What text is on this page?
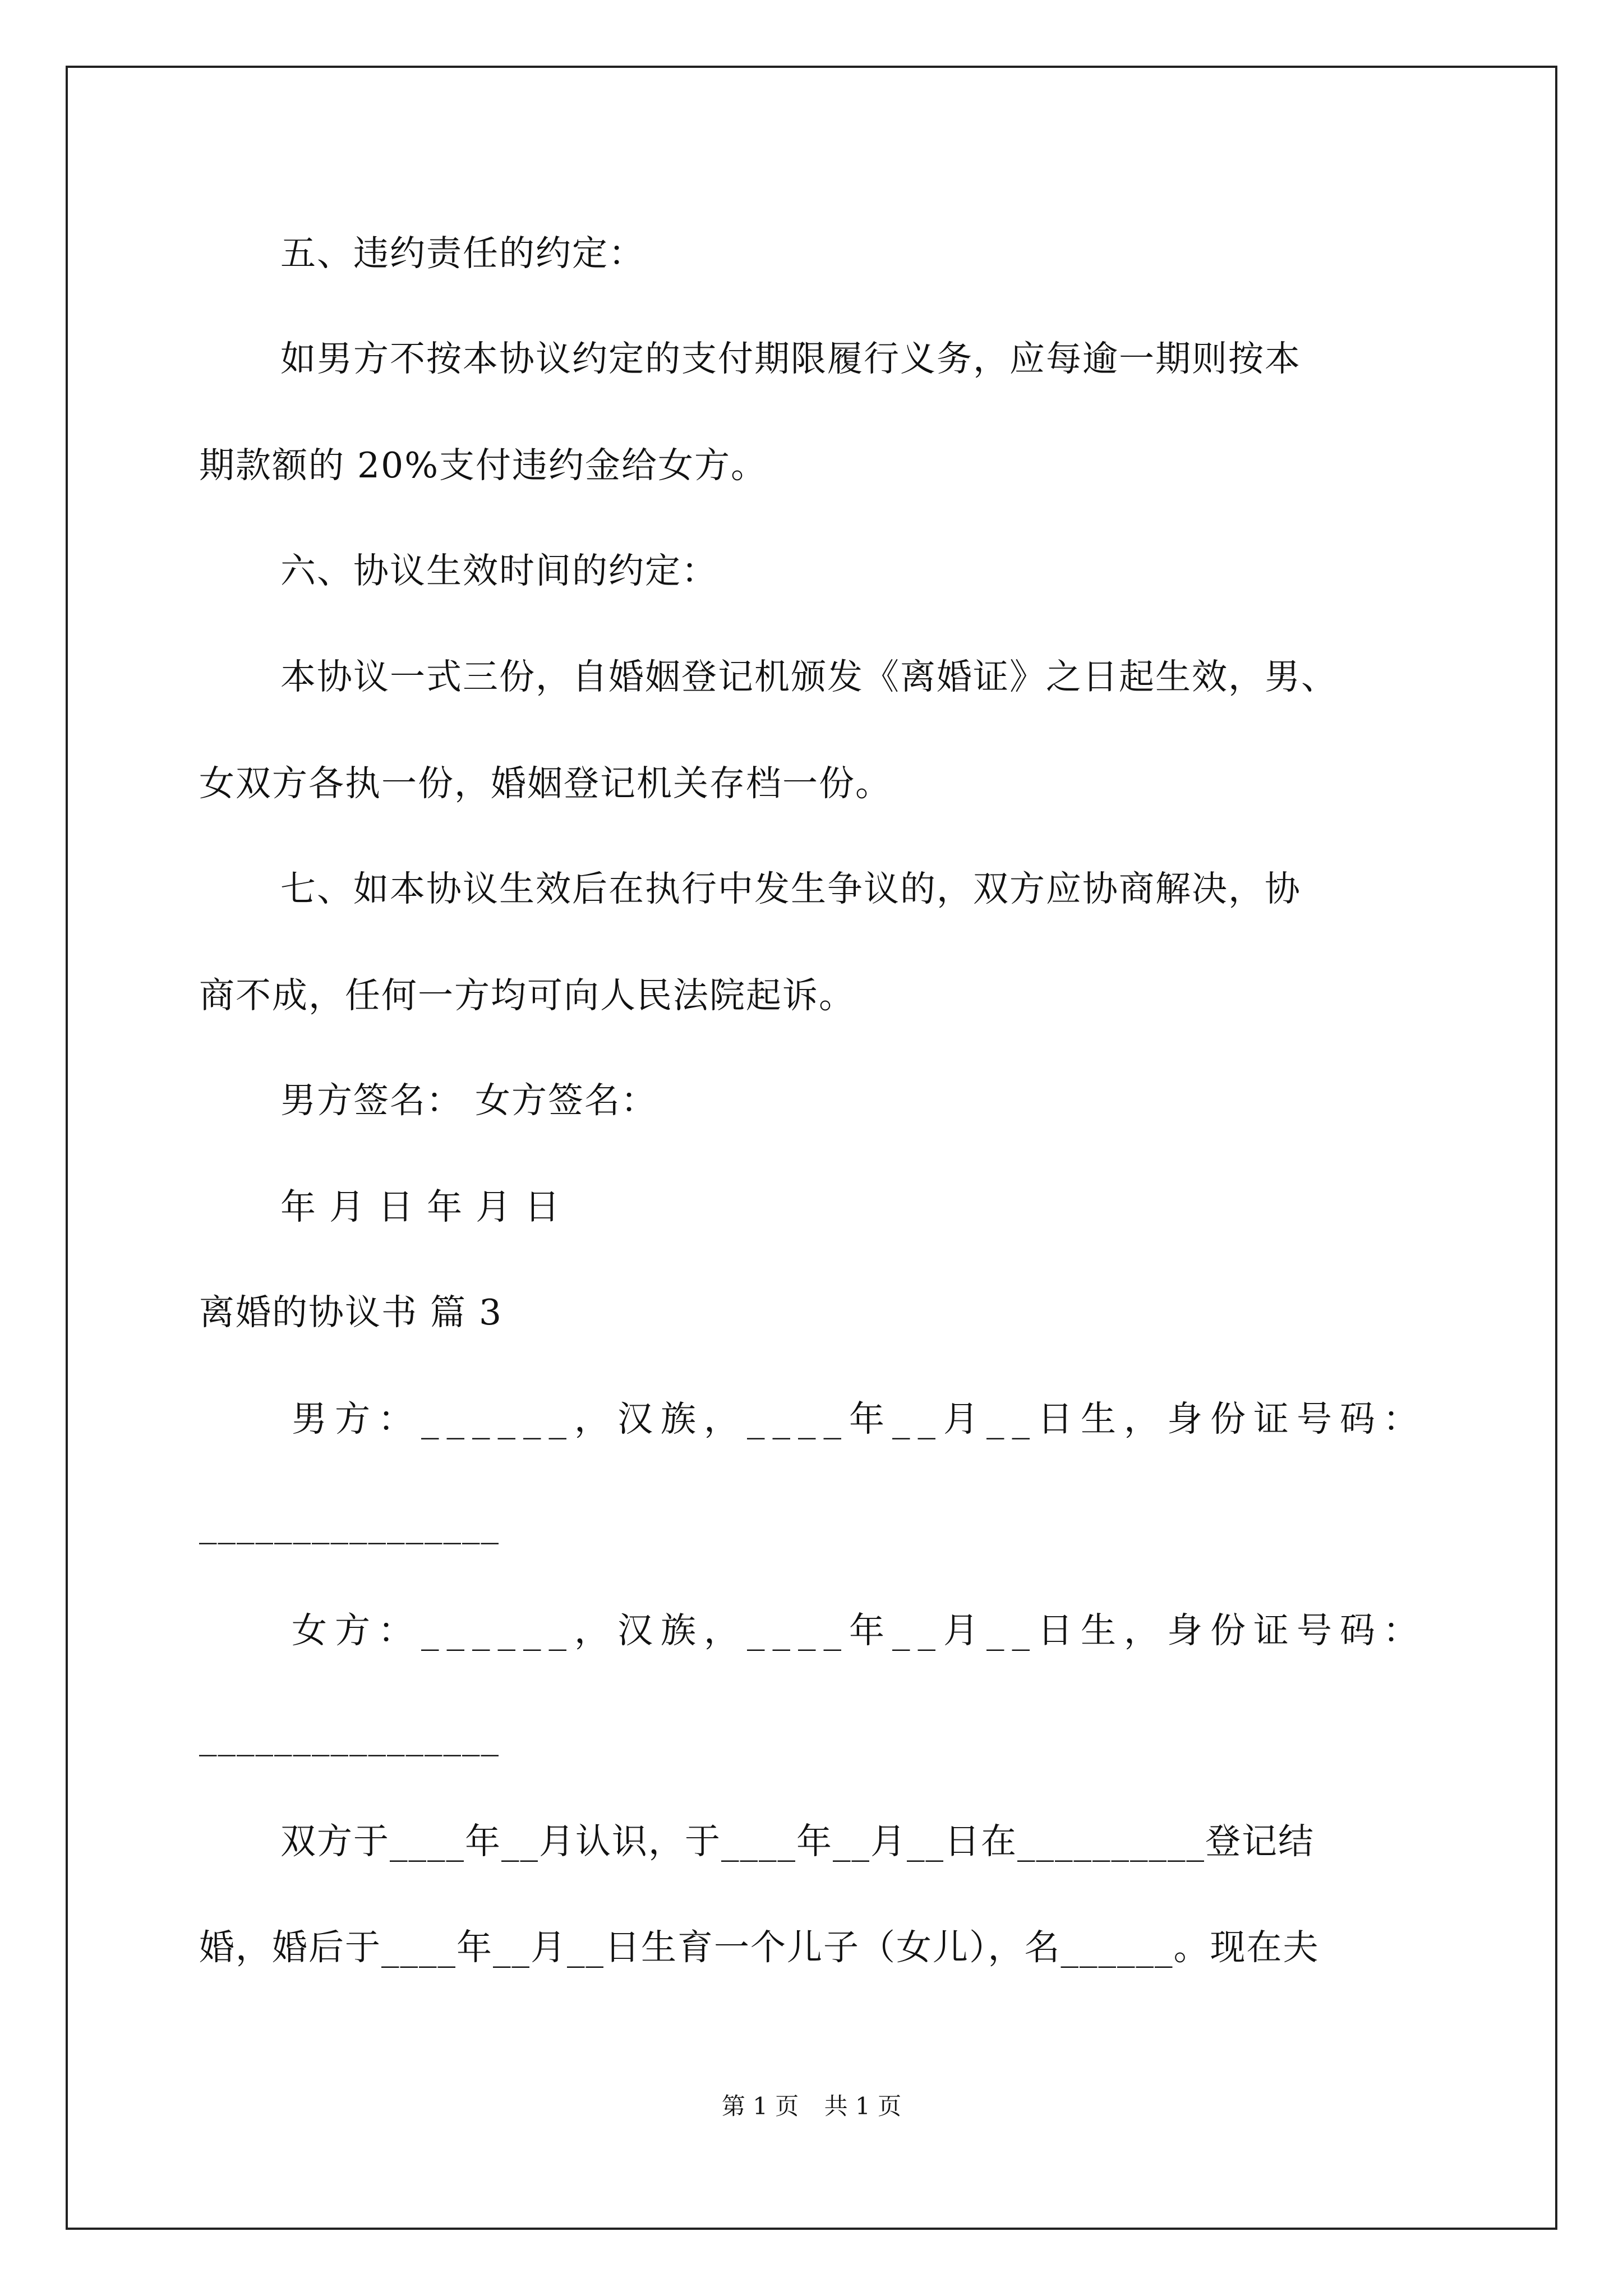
五、违约责任的约定：
如男方不按本协议约定的支付期限履行义务，应每逾一期则按本
期款额的 20%支付违约金给女方。
六、协议生效时间的约定：
本协议一式三份，自婚姻登记机颁发《离婚证》之日起生效，男、
女双方各执一份，婚姻登记机关存档一份。
七、如本协议生效后在执行中发生争议的，双方应协商解决，协
商不成，任何一方均可向人民法院起诉。
男方签名： 女方签名：
年 月 日 年 月 日
离婚的协议书 篇 3
男方：______，汉族，____年__月__日生，身份证号码：
________________
女方：______，汉族，____年__月__日生，身份证号码：
________________
双方于____年__月认识，于____年__月__日在__________登记结
婚，婚后于____年__月__日生育一个儿子（女儿），名______。现在夫
第 1 页 共 1 页
